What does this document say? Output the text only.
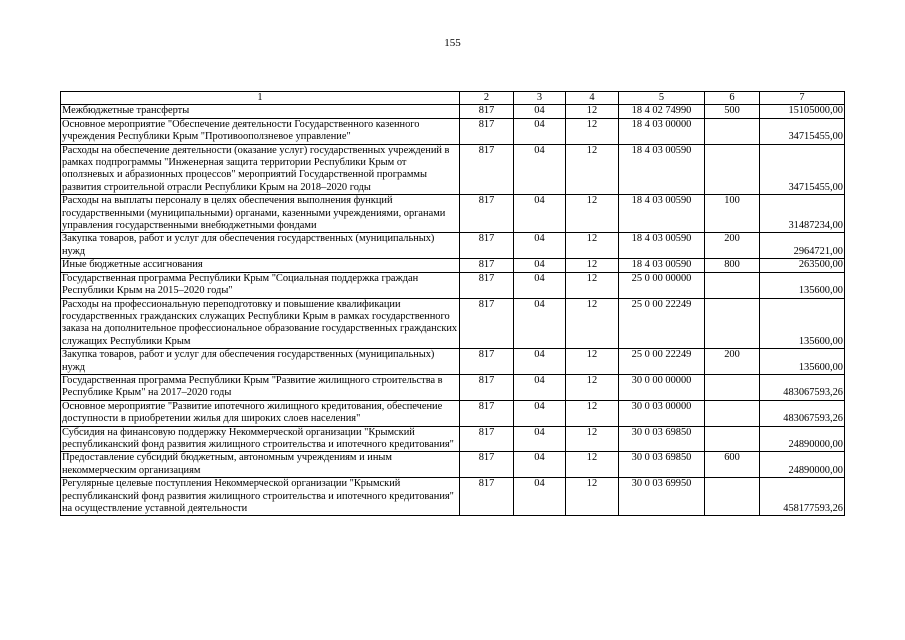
155
1	2	3	4	5	6	7
Межбюджетные трансферты	817	04	12	18 4 02 74990	500	15105000,00
Основное мероприятие "Обеспечение деятельности Государственного казенного учреждения Республики Крым "Противооползневое управление"	817	04	12	18 4 03 00000		34715455,00
Расходы на обеспечение деятельности (оказание услуг) государственных учреждений в рамках подпрограммы "Инженерная защита территории Республики Крым от оползневых и абразионных процессов" мероприятий Государственной программы развития строительной отрасли Республики Крым на 2018–2020 годы	817	04	12	18 4 03 00590		34715455,00
Расходы на выплаты персоналу в целях обеспечения выполнения функций государственными (муниципальными) органами, казенными учреждениями, органами управления государственными внебюджетными фондами	817	04	12	18 4 03 00590	100	31487234,00
Закупка товаров, работ и услуг для обеспечения государственных (муниципальных) нужд	817	04	12	18 4 03 00590	200	2964721,00
Иные бюджетные ассигнования	817	04	12	18 4 03 00590	800	263500,00
Государственная программа Республики Крым "Социальная поддержка граждан Республики Крым на 2015–2020 годы"	817	04	12	25 0 00 00000		135600,00
Расходы на профессиональную переподготовку и повышение квалификации государственных гражданских служащих Республики Крым в рамках государственного заказа на дополнительное профессиональное образование государственных гражданских служащих Республики Крым	817	04	12	25 0 00 22249		135600,00
Закупка товаров, работ и услуг для обеспечения государственных (муниципальных) нужд	817	04	12	25 0 00 22249	200	135600,00
Государственная программа Республики Крым "Развитие жилищного строительства в Республике Крым" на 2017–2020 годы	817	04	12	30 0 00 00000		483067593,26
Основное мероприятие "Развитие ипотечного жилищного кредитования, обеспечение доступности в приобретении жилья для широких слоев населения"	817	04	12	30 0 03 00000		483067593,26
Субсидия на финансовую поддержку Некоммерческой организации "Крымский республиканский фонд развития жилищного строительства и ипотечного кредитования"	817	04	12	30 0 03 69850		24890000,00
Предоставление субсидий бюджетным, автономным учреждениям и иным некоммерческим организациям	817	04	12	30 0 03 69850	600	24890000,00
Регулярные целевые поступления Некоммерческой организации "Крымский республиканский фонд развития жилищного строительства и ипотечного кредитования" на осуществление уставной деятельности	817	04	12	30 0 03 69950		458177593,26
